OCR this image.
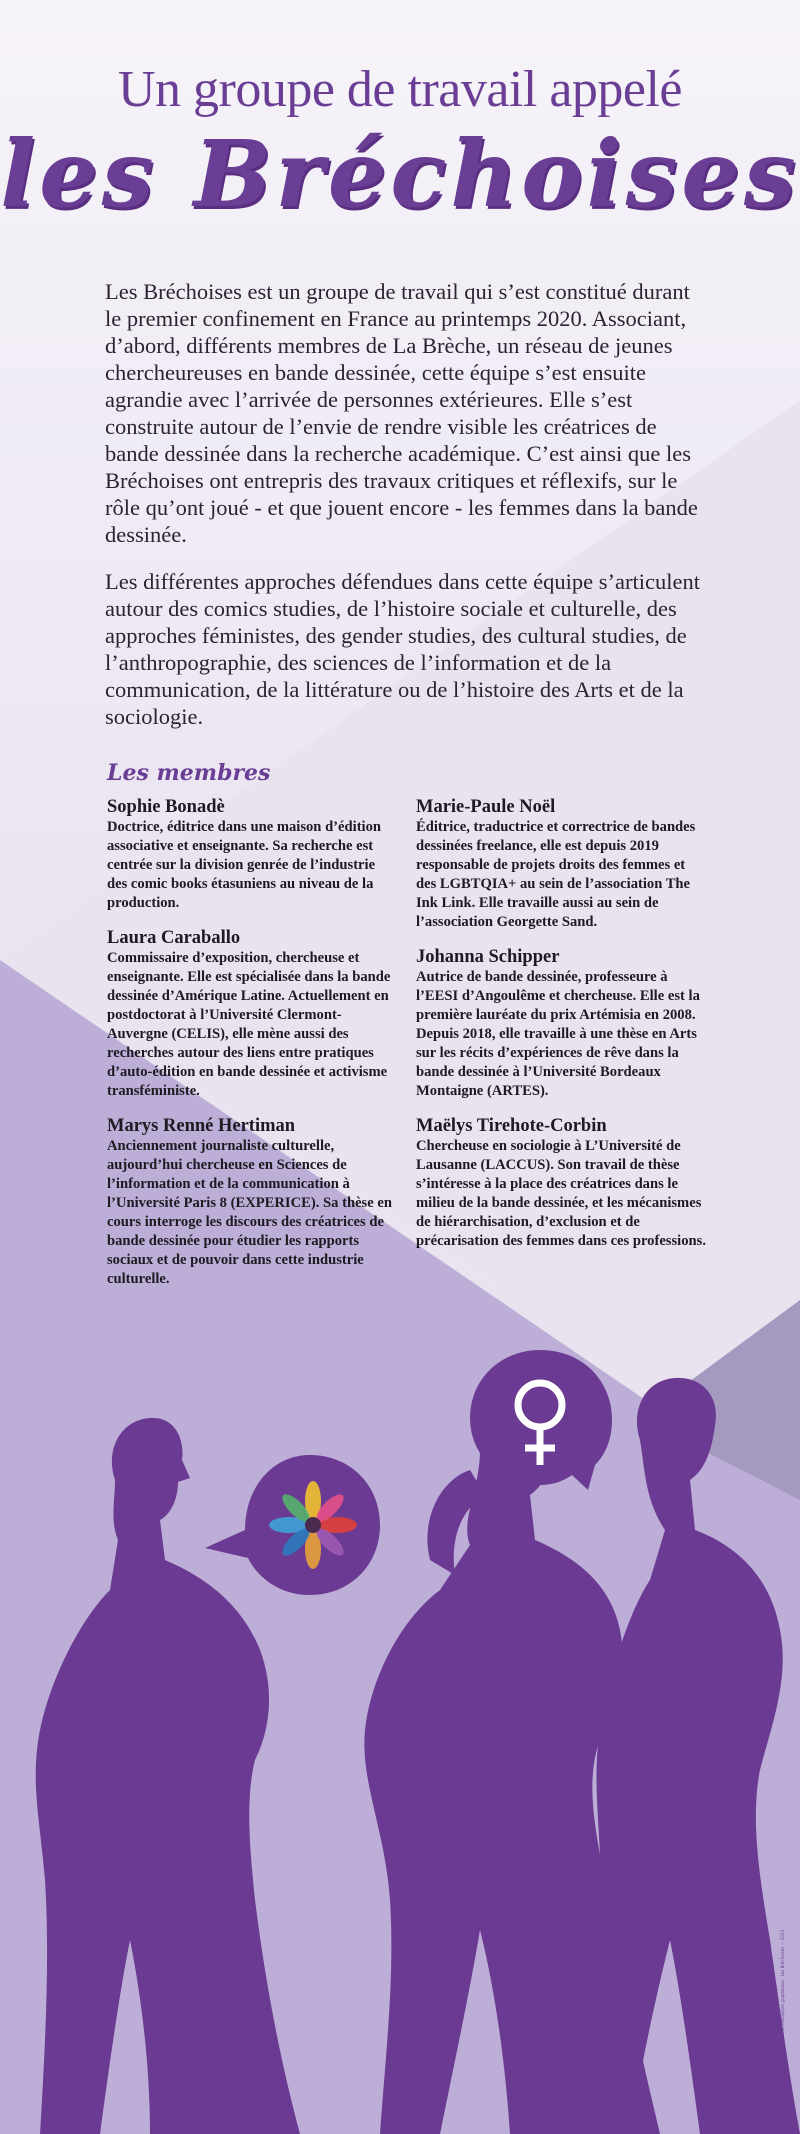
Un groupe de travail appelé
les Bréchoises
Les Bréchoises est un groupe de travail qui s’est constitué durant le premier confinement en France au printemps 2020. Associant, d’abord, différents membres de La Brèche, un réseau de jeunes chercheureuses en bande dessinée, cette équipe s’est ensuite agrandie avec l’arrivée de personnes extérieures. Elle s’est construite autour de l’envie de rendre visible les créatrices de bande dessinée dans la recherche académique. C’est ainsi que les Bréchoises ont entrepris des travaux critiques et réflexifs, sur le rôle qu’ont joué - et que jouent encore - les femmes dans la bande dessinée.
Les différentes approches défendues dans cette équipe s’articulent autour des comics studies, de l’histoire sociale et culturelle, des approches féministes, des gender studies, des cultural studies, de l’anthropographie, des sciences de l’information et de la communication, de la littérature ou de l’histoire des Arts et de la sociologie.
Les membres
Sophie Bonadè
Doctrice, éditrice dans une maison d’édition associative et enseignante. Sa recherche est centrée sur la division genrée de l’industrie des comic books étasuniens au niveau de la production.
Laura Caraballo
Commissaire d’exposition, chercheuse et enseignante. Elle est spécialisée dans la bande dessinée d’Amérique Latine. Actuellement en postdoctorat à l’Université Clermont-Auvergne (CELIS), elle mène aussi des recherches autour des liens entre pratiques d’auto-édition en bande dessinée et activisme transféministe.
Marys Renné Hertiman
Anciennement journaliste culturelle, aujourd’hui chercheuse en Sciences de l’information et de la communication à l’Université Paris 8 (EXPERICE). Sa thèse en cours interroge les discours des créatrices de bande dessinée pour étudier les rapports sociaux et de pouvoir dans cette industrie culturelle.
Marie-Paule Noël
Éditrice, traductrice et correctrice de bandes dessinées freelance, elle est depuis 2019 responsable de projets droits des femmes et des LGBTQIA+ au sein de l’association The Ink Link. Elle travaille aussi au sein de l’association Georgette Sand.
Johanna Schipper
Autrice de bande dessinée, professeure à l’EESI d’Angoulême et chercheuse. Elle est la première lauréate du prix Artémisia en 2008. Depuis 2018, elle travaille à une thèse en Arts sur les récits d’expériences de rêve dans la bande dessinée à l’Université Bordeaux Montaigne (ARTES).
Maëlys Tirehote-Corbin
Chercheuse en sociologie à L’Université de Lausanne (LACCUS). Son travail de thèse s’intéresse à la place des créatrices dans le milieu de la bande dessinée, et les mécanismes de hiérarchisation, d’exclusion et de précarisation des femmes dans ces professions.
Textes, idées, typographies, structures et conception graphiques : Les Bréchoises — 2023
